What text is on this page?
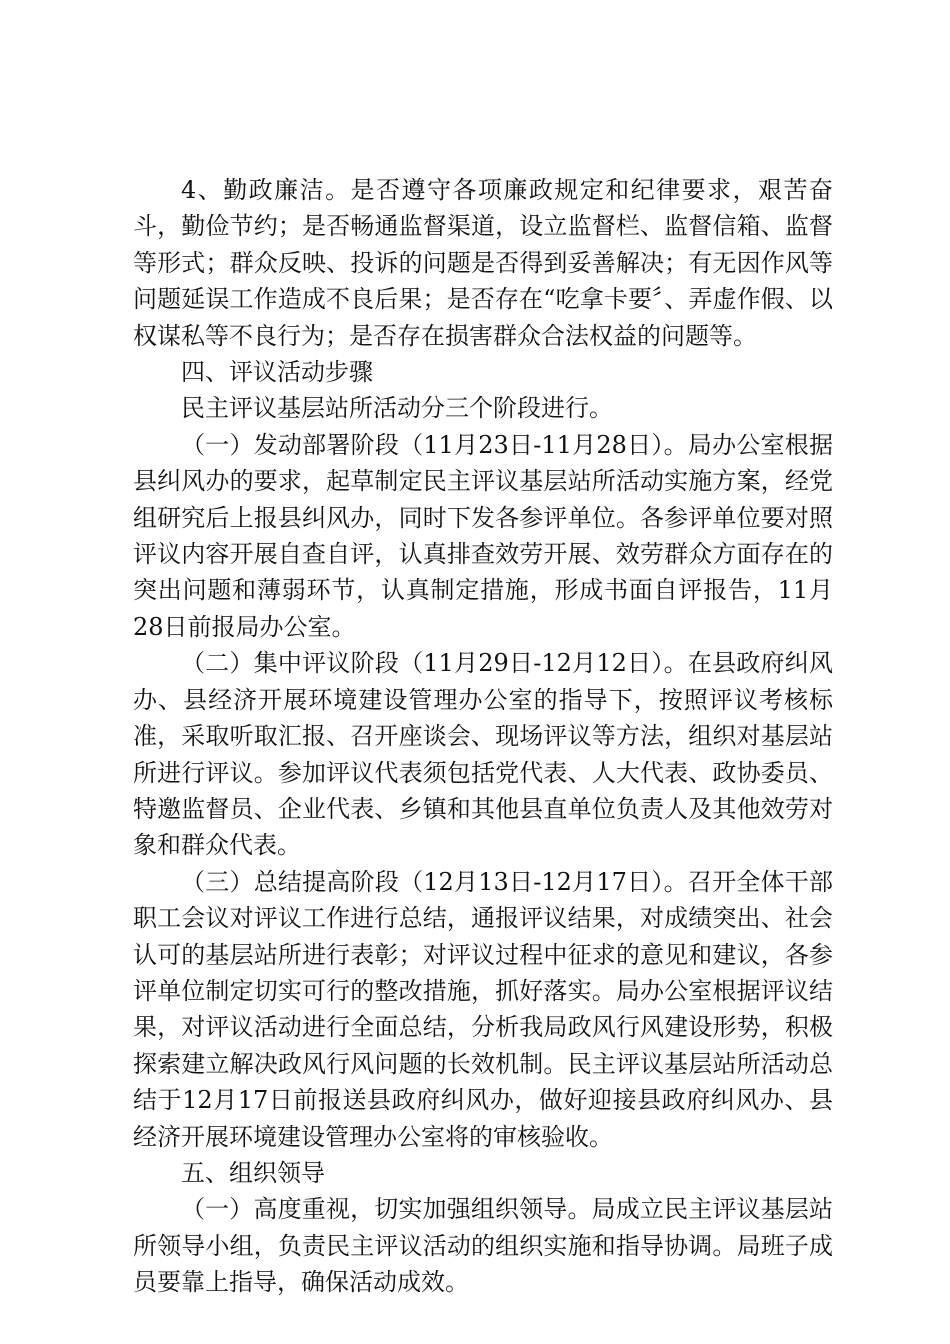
4、勤政廉洁。是否遵守各项廉政规定和纪律要求，艰苦奋斗，勤俭节约；是否畅通监督渠道，设立监督栏、监督信箱、监督　　等形式；群众反映、投诉的问题是否得到妥善解决；有无因作风等问题延误工作造成不良后果；是否存在“吃拿卡要〞、弄虚作假、以权谋私等不良行为；是否存在损害群众合法权益的问题等。

四、评议活动步骤

民主评议基层站所活动分三个阶段进行。

（一）发动部署阶段（11月23日-11月28日）。局办公室根据县纠风办的要求，起草制定民主评议基层站所活动实施方案，经党组研究后上报县纠风办，同时下发各参评单位。各参评单位要对照评议内容开展自查自评，认真排查效劳开展、效劳群众方面存在的突出问题和薄弱环节，认真制定措施，形成书面自评报告，11月28日前报局办公室。

（二）集中评议阶段（11月29日-12月12日）。在县政府纠风办、县经济开展环境建设管理办公室的指导下，按照评议考核标准，采取听取汇报、召开座谈会、现场评议等方法，组织对基层站所进行评议。参加评议代表须包括党代表、人大代表、政协委员、特邀监督员、企业代表、乡镇和其他县直单位负责人及其他效劳对象和群众代表。

（三）总结提高阶段（12月13日-12月17日）。召开全体干部职工会议对评议工作进行总结，通报评议结果，对成绩突出、社会认可的基层站所进行表彰；对评议过程中征求的意见和建议，各参评单位制定切实可行的整改措施，抓好落实。局办公室根据评议结果，对评议活动进行全面总结，分析我局政风行风建设形势，积极探索建立解决政风行风问题的长效机制。民主评议基层站所活动总结于12月17日前报送县政府纠风办，做好迎接县政府纠风办、县经济开展环境建设管理办公室将的审核验收。

五、组织领导

（一）高度重视，切实加强组织领导。局成立民主评议基层站所领导小组，负责民主评议活动的组织实施和指导协调。局班子成员要靠上指导，确保活动成效。
